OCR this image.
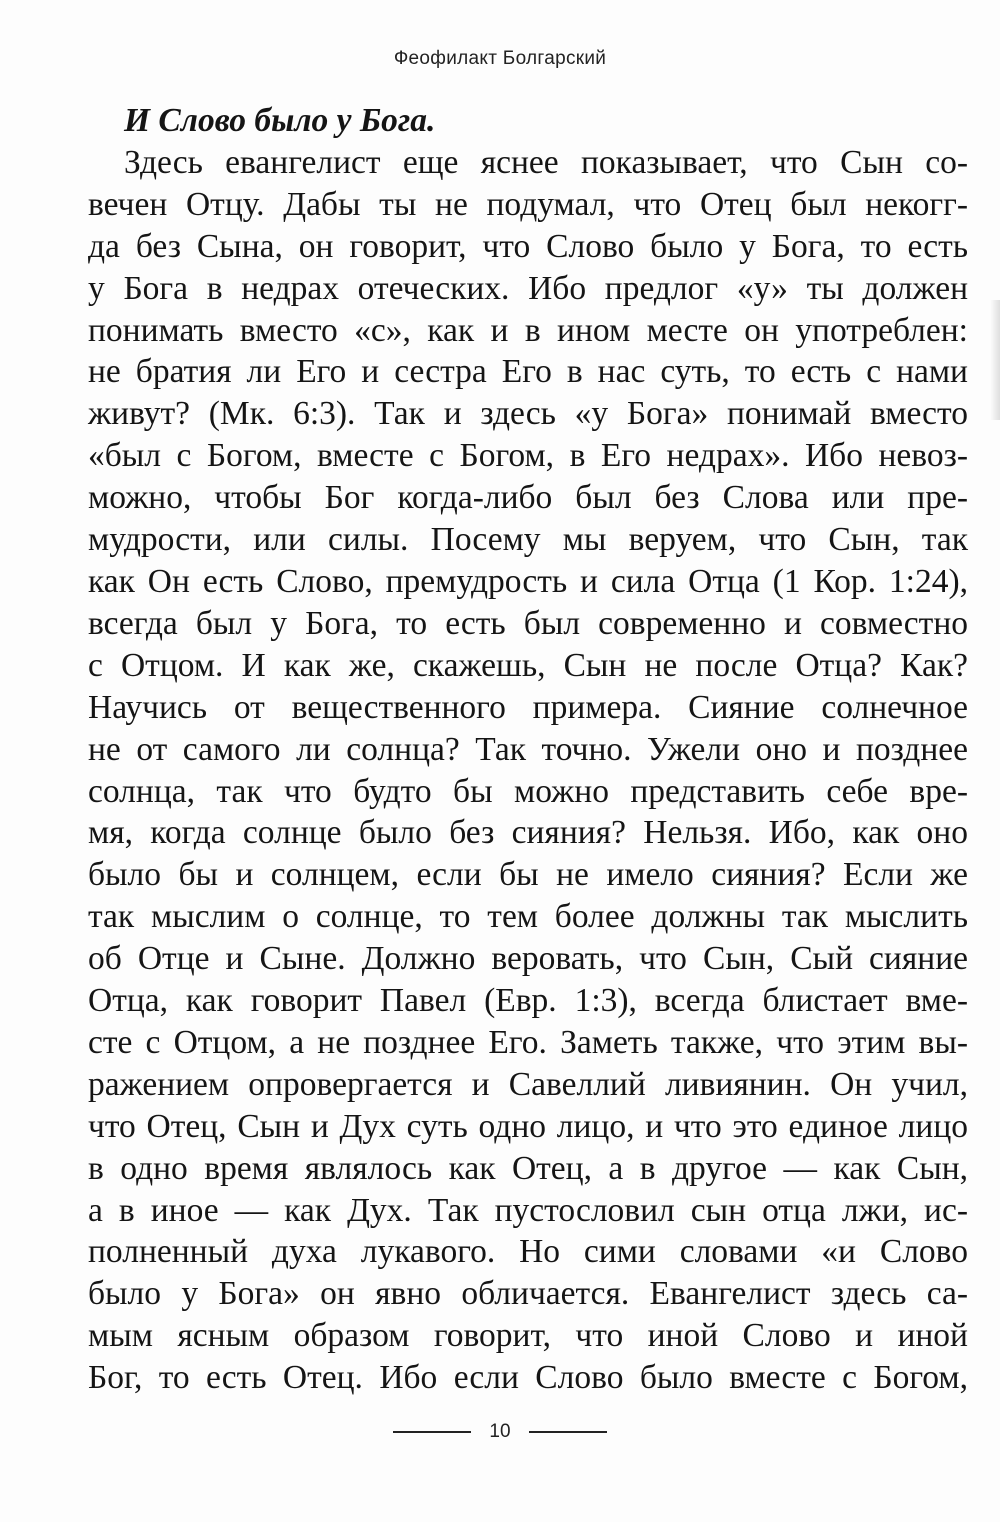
Феофилакт Болгарский
И Слово было у Бога.
Здесь евангелист еще яснее показывает, что Сын со-
вечен Отцу. Дабы ты не подумал, что Отец был некогг-
да без Сына, он говорит, что Слово было у Бога, то есть
у Бога в недрах отеческих. Ибо предлог «у» ты должен
понимать вместо «с», как и в ином месте он употреблен:
не братия ли Его и сестра Его в нас суть, то есть с нами
живут? (Мк. 6:3). Так и здесь «у Бога» понимай вместо
«был с Богом, вместе с Богом, в Его недрах». Ибо невоз-
можно, чтобы Бог когда-либо был без Слова или пре-
мудрости, или силы. Посему мы веруем, что Сын, так
как Он есть Слово, премудрость и сила Отца (1 Кор. 1:24),
всегда был у Бога, то есть был современно и совместно
с Отцом. И как же, скажешь, Сын не после Отца? Как?
Научись от вещественного примера. Сияние солнечное
не от самого ли солнца? Так точно. Ужели оно и позднее
солнца, так что будто бы можно представить себе вре-
мя, когда солнце было без сияния? Нельзя. Ибо, как оно
было бы и солнцем, если бы не имело сияния? Если же
так мыслим о солнце, то тем более должны так мыслить
об Отце и Сыне. Должно веровать, что Сын, Сый сияние
Отца, как говорит Павел (Евр. 1:3), всегда блистает вме-
сте с Отцом, а не позднее Его. Заметь также, что этим вы-
ражением опровергается и Савеллий ливиянин. Он учил,
что Отец, Сын и Дух суть одно лицо, и что это единое лицо
в одно время являлось как Отец, а в другое — как Сын,
а в иное — как Дух. Так пустословил сын отца лжи, ис-
полненный духа лукавого. Но сими словами «и Слово
было у Бога» он явно обличается. Евангелист здесь са-
мым ясным образом говорит, что иной Слово и иной
Бог, то есть Отец. Ибо если Слово было вместе с Богом,
10
